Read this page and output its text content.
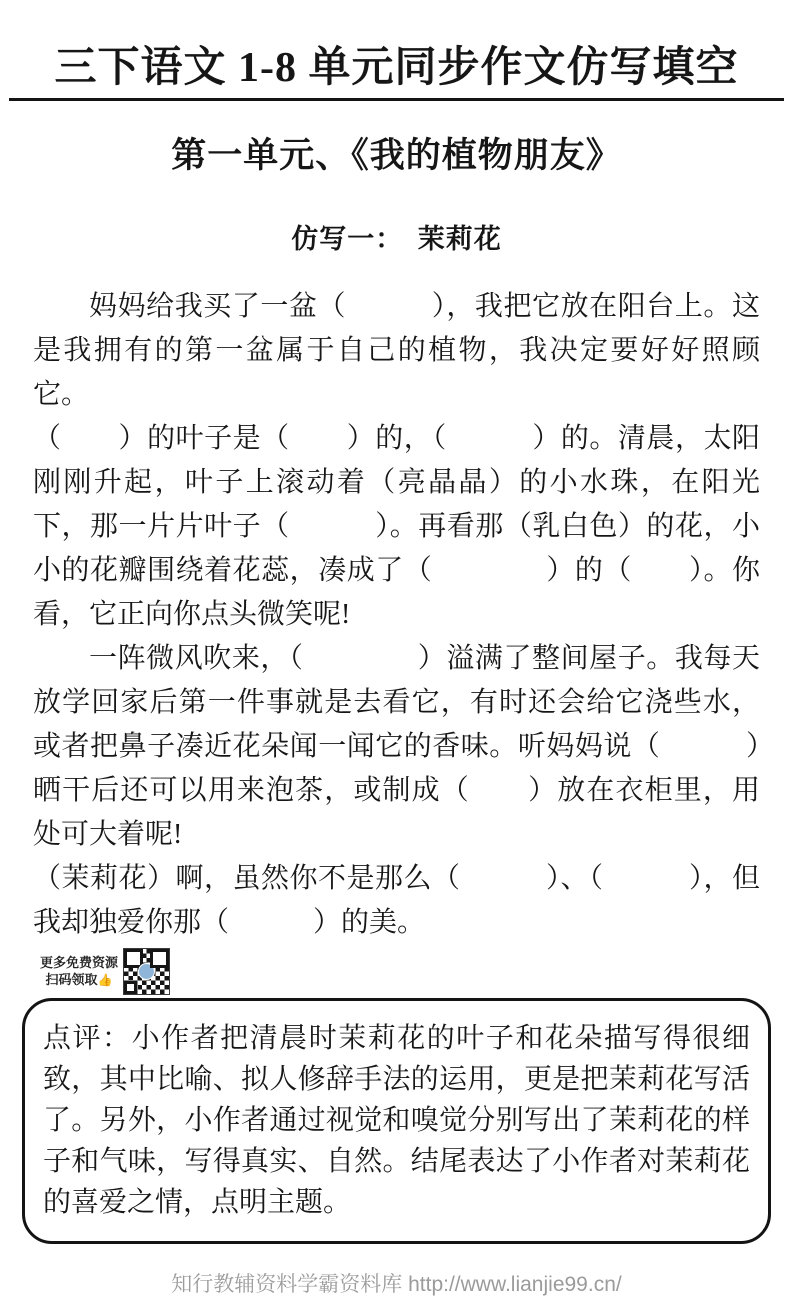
三下语文 1-8 单元同步作文仿写填空
第一单元、《我的植物朋友》
仿写一：　茉莉花

妈妈给我买了一盆（　　　），我把它放在阳台上。这是我拥有的第一盆属于自己的植物，我决定要好好照顾它。

（　　）的叶子是（　　）的，（　　　）的。清晨，太阳刚刚升起，叶子上滚动着（亮晶晶）的小水珠，在阳光下，那一片片叶子（　　　）。再看那（乳白色）的花，小小的花瓣围绕着花蕊，凑成了（　　　　）的（　　）。你看，它正向你点头微笑呢!

一阵微风吹来，（　　　　）溢满了整间屋子。我每天放学回家后第一件事就是去看它，有时还会给它浇些水，或者把鼻子凑近花朵闻一闻它的香味。听妈妈说（　　　）晒干后还可以用来泡茶，或制成（　　）放在衣柜里，用处可大着呢!

（茉莉花）啊，虽然你不是那么（　　　）、（　　　），但我却独爱你那（　　　）的美。

更多免费资源
扫码领取👍

点评：小作者把清晨时茉莉花的叶子和花朵描写得很细致，其中比喻、拟人修辞手法的运用，更是把茉莉花写活了。另外，小作者通过视觉和嗅觉分别写出了茉莉花的样子和气味，写得真实、自然。结尾表达了小作者对茉莉花的喜爱之情，点明主题。

知行教辅资料学霸资料库 http://www.lianjie99.cn/
